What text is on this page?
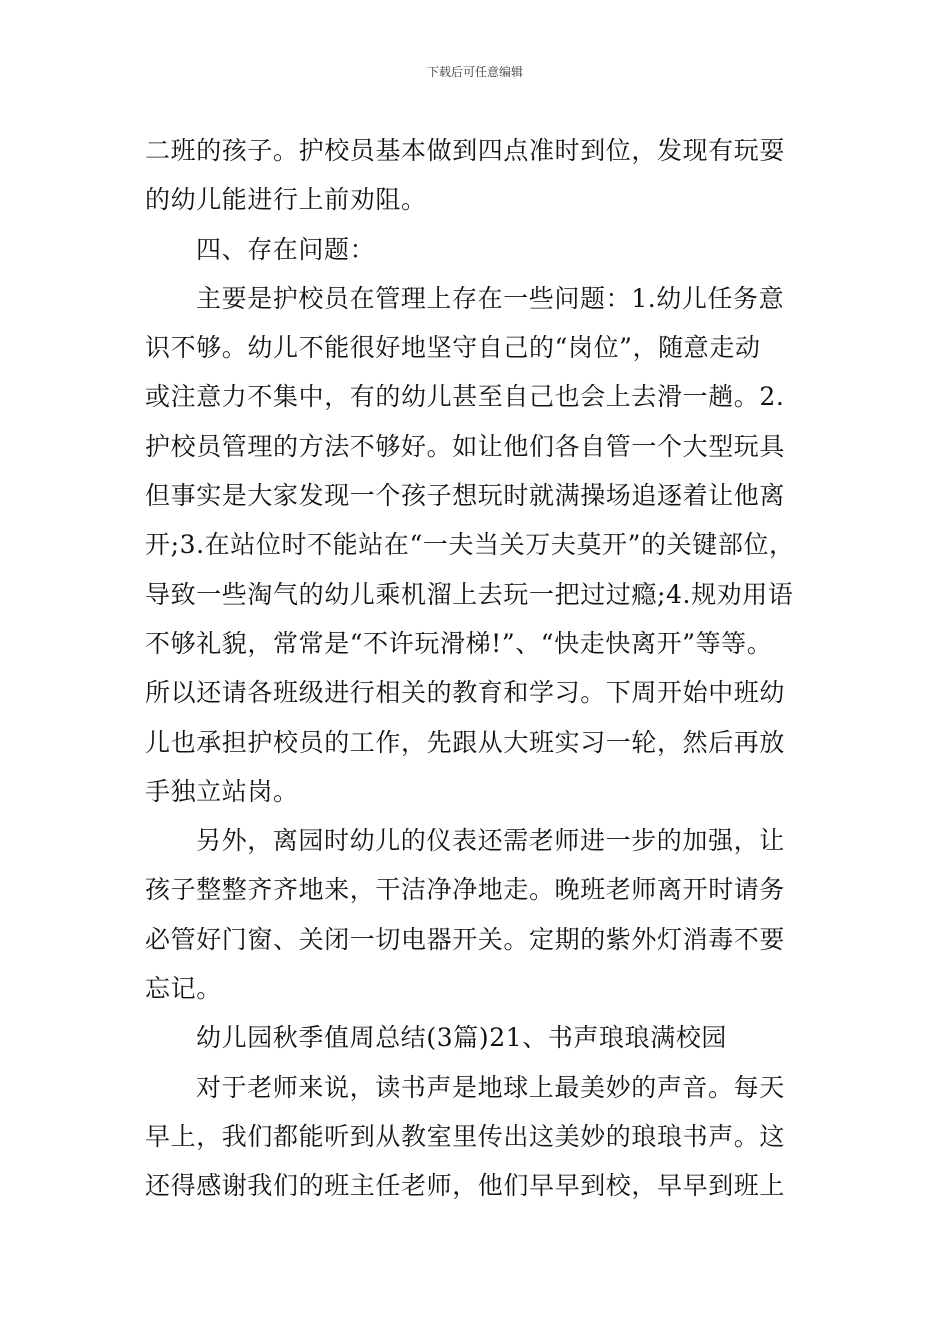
下载后可任意编辑
二班的孩子。护校员基本做到四点准时到位，发现有玩耍
的幼儿能进行上前劝阻。
四、存在问题：
主要是护校员在管理上存在一些问题：1.幼儿任务意
识不够。幼儿不能很好地坚守自己的“岗位”，随意走动
或注意力不集中，有的幼儿甚至自己也会上去滑一趟。2.
护校员管理的方法不够好。如让他们各自管一个大型玩具
但事实是大家发现一个孩子想玩时就满操场追逐着让他离
开;3.在站位时不能站在“一夫当关万夫莫开”的关键部位，
导致一些淘气的幼儿乘机溜上去玩一把过过瘾;4.规劝用语
不够礼貌，常常是“不许玩滑梯!”、“快走快离开”等等。
所以还请各班级进行相关的教育和学习。下周开始中班幼
儿也承担护校员的工作，先跟从大班实习一轮，然后再放
手独立站岗。
另外，离园时幼儿的仪表还需老师进一步的加强，让
孩子整整齐齐地来，干洁净净地走。晚班老师离开时请务
必管好门窗、关闭一切电器开关。定期的紫外灯消毒不要
忘记。
幼儿园秋季值周总结(3篇)21、书声琅琅满校园
对于老师来说，读书声是地球上最美妙的声音。每天
早上，我们都能听到从教室里传出这美妙的琅琅书声。这
还得感谢我们的班主任老师，他们早早到校，早早到班上
